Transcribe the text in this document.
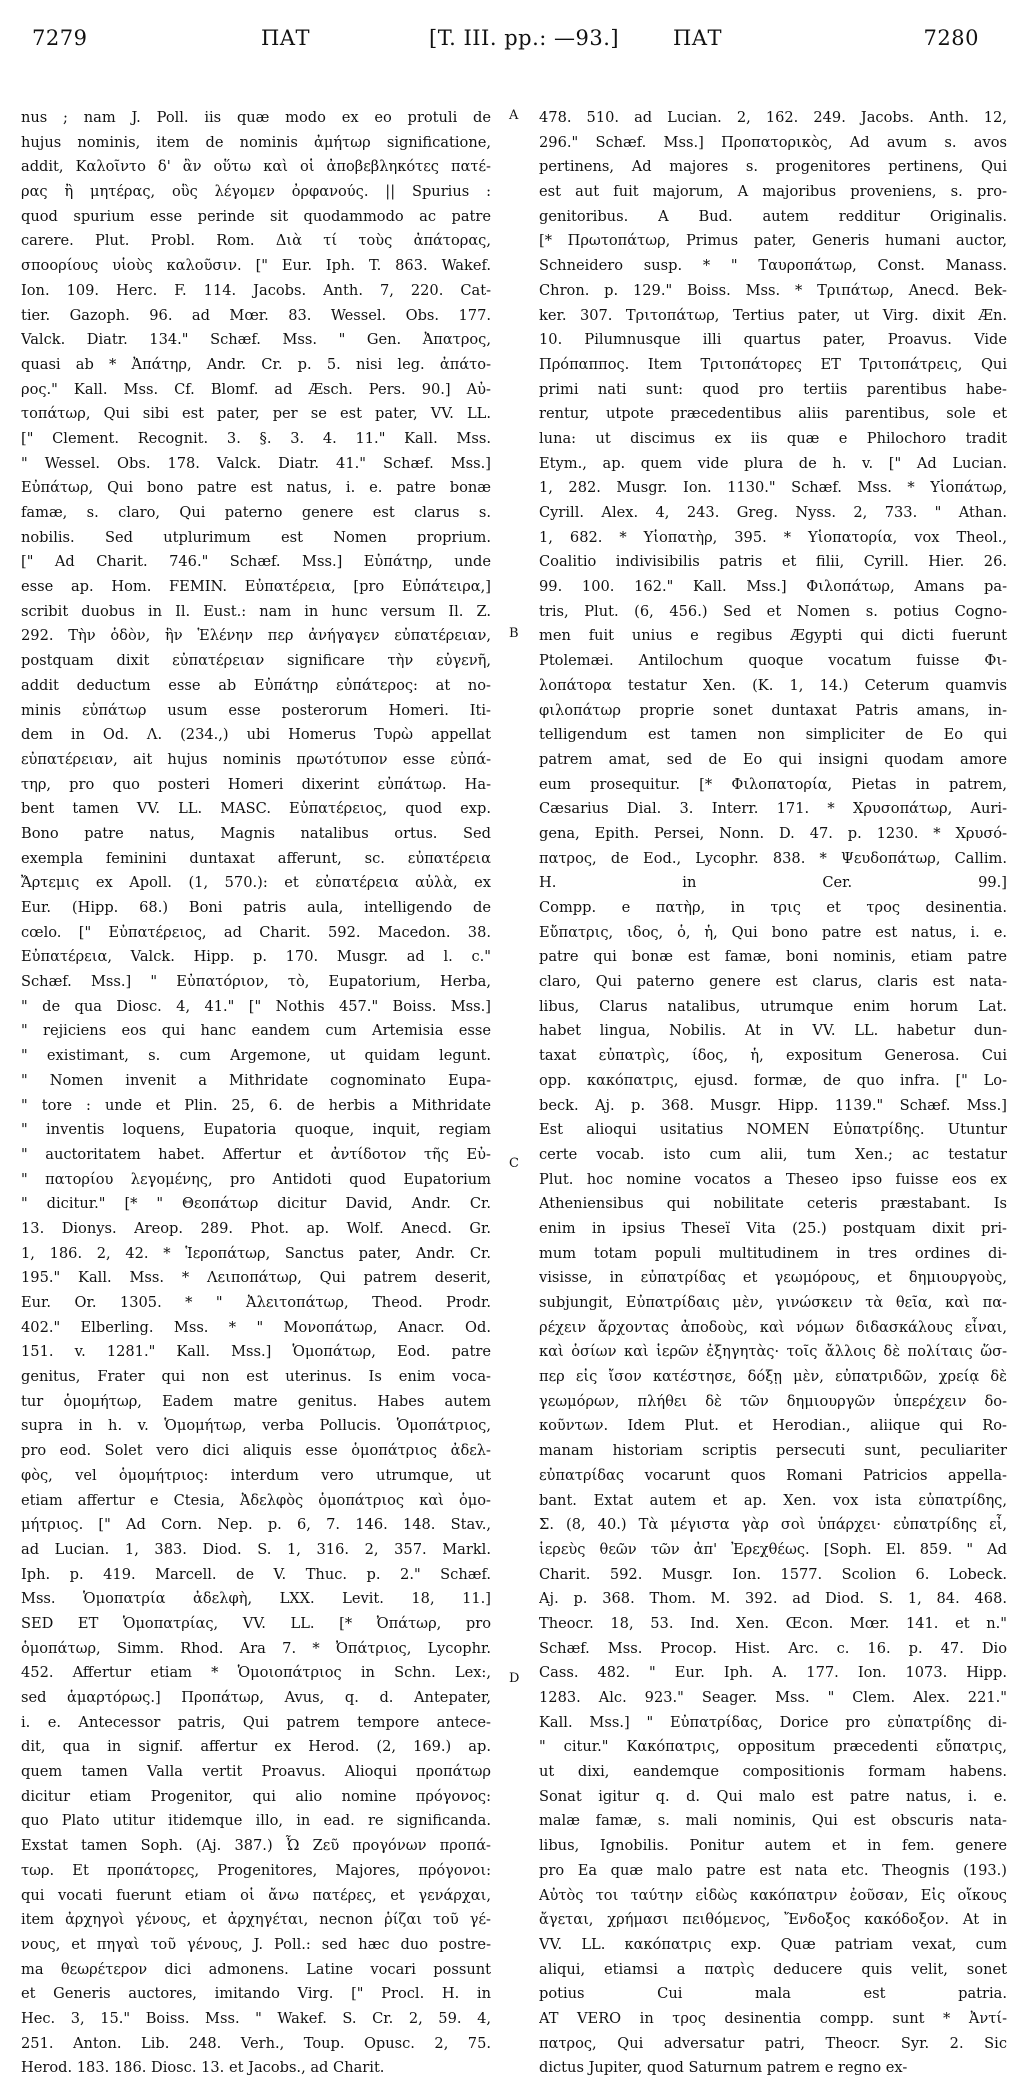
7279	ΠΑΤ	[T. III. pp.: —93.]	ΠΑΤ	7280
nus ; nam J. Poll. iis quæ modo ex eo protuli de
hujus nominis, item de nominis ἀμήτωρ significatione,
addit, Καλοῖντο δ' ἂν οὕτω καὶ οἱ ἀποβεβληκότες πατέ-
ρας ἢ μητέρας, οὓς λέγομεν ὀρφανούς. || Spurius :
quod spurium esse perinde sit quodammodo ac patre
carere. Plut. Probl. Rom. Διὰ τί τοὺς ἀπάτορας,
σποορίους υἱοὺς καλοῦσιν. [" Eur. Iph. T. 863. Wakef.
Ion. 109. Herc. F. 114. Jacobs. Anth. 7, 220. Cat-
tier. Gazoph. 96. ad Mœr. 83. Wessel. Obs. 177.
Valck. Diatr. 134." Schæf. Mss. " Gen. Ἀπατρος,
quasi ab * Ἀπάτηρ, Andr. Cr. p. 5. nisi leg. ἀπάτο-
ρος." Kall. Mss. Cf. Blomf. ad Æsch. Pers. 90.] Αὐ-
τοπάτωρ, Qui sibi est pater, per se est pater, VV. LL.
[" Clement. Recognit. 3. §. 3. 4. 11." Kall. Mss.
" Wessel. Obs. 178. Valck. Diatr. 41." Schæf. Mss.]
Εὐπάτωρ, Qui bono patre est natus, i. e. patre bonæ
famæ, s. claro, Qui paterno genere est clarus s.
nobilis. Sed utplurimum est Nomen proprium.
[" Ad Charit. 746." Schæf. Mss.] Εὐπάτηρ, unde
esse ap. Hom. FEMIN. Εὐπατέρεια, [pro Εὐπάτειρα,]
scribit duobus in Il. Eust.: nam in hunc versum Il. Z.
292. Τὴν ὁδὸν, ἣν Ἑλένην περ ἀνήγαγεν εὐπατέρειαν,
postquam dixit εὐπατέρειαν significare τὴν εὐγενῆ,
addit deductum esse ab Εὐπάτηρ εὐπάτερος: at no-
minis εὐπάτωρ usum esse posterorum Homeri. Iti-
dem in Od. Λ. (234.,) ubi Homerus Τυρὼ appellat
εὐπατέρειαν, ait hujus nominis πρωτότυπον esse εὐπά-
τηρ, pro quo posteri Homeri dixerint εὐπάτωρ. Ha-
bent tamen VV. LL. MASC. Εὐπατέρειος, quod exp.
Bono patre natus, Magnis natalibus ortus. Sed
exempla feminini duntaxat afferunt, sc. εὐπατέρεια
Ἄρτεμις ex Apoll. (1, 570.): et εὐπατέρεια αὐλὰ, ex
Eur. (Hipp. 68.) Boni patris aula, intelligendo de
cœlo. [" Εὐπατέρειος, ad Charit. 592. Macedon. 38.
Εὐπατέρεια, Valck. Hipp. p. 170. Musgr. ad l. c."
Schæf. Mss.] " Εὐπατόριον, τὸ, Eupatorium, Herba,
" de qua Diosc. 4, 41." [" Nothis 457." Boiss. Mss.]
" rejiciens eos qui hanc eandem cum Artemisia esse
" existimant, s. cum Argemone, ut quidam legunt.
" Nomen invenit a Mithridate cognominato Eupa-
" tore : unde et Plin. 25, 6. de herbis a Mithridate
" inventis loquens, Eupatoria quoque, inquit, regiam
" auctoritatem habet. Affertur et ἀντίδοτον τῆς Εὐ-
" πατορίου λεγομένης, pro Antidoti quod Eupatorium
" dicitur." [* " Θεοπάτωρ dicitur David, Andr. Cr.
13. Dionys. Areop. 289. Phot. ap. Wolf. Anecd. Gr.
1, 186. 2, 42. * Ἱεροπάτωρ, Sanctus pater, Andr. Cr.
195." Kall. Mss. * Λειποπάτωρ, Qui patrem deserit,
Eur. Or. 1305. * " Ἀλειτοπάτωρ, Theod. Prodr.
402." Elberling. Mss. * " Μονοπάτωρ, Anacr. Od.
151. v. 1281." Kall. Mss.] Ὁμοπάτωρ, Eod. patre
genitus, Frater qui non est uterinus. Is enim voca-
tur ὁμομήτωρ, Eadem matre genitus. Habes autem
supra in h. v. Ὁμομήτωρ, verba Pollucis. Ὁμοπάτριος,
pro eod. Solet vero dici aliquis esse ὁμοπάτριος ἀδελ-
φὸς, vel ὁμομήτριος: interdum vero utrumque, ut
etiam affertur e Ctesia, Ἀδελφὸς ὁμοπάτριος καὶ ὁμο-
μήτριος. [" Ad Corn. Nep. p. 6, 7. 146. 148. Stav.,
ad Lucian. 1, 383. Diod. S. 1, 316. 2, 357. Markl.
Iph. p. 419. Marcell. de V. Thuc. p. 2." Schæf.
Mss. Ὁμοπατρία ἀδελφὴ, LXX. Levit. 18, 11.]
SED ET Ὁμοπατρίας, VV. LL. [* Ὀπάτωρ, pro
ὁμοπάτωρ, Simm. Rhod. Ara 7. * Ὀπάτριος, Lycophr.
452. Affertur etiam * Ὁμοιοπάτριος in Schn. Lex:,
sed ἁμαρτόρως.] Προπάτωρ, Avus, q. d. Antepater,
i. e. Antecessor patris, Qui patrem tempore antece-
dit, qua in signif. affertur ex Herod. (2, 169.) ap.
quem tamen Valla vertit Proavus. Alioqui προπάτωρ
dicitur etiam Progenitor, qui alio nomine πρόγονος:
quo Plato utitur itidemque illo, in ead. re significanda.
Exstat tamen Soph. (Aj. 387.) Ὦ Ζεῦ προγόνων προπά-
τωρ. Et προπάτορες, Progenitores, Majores, πρόγονοι:
qui vocati fuerunt etiam οἱ ἄνω πατέρες, et γενάρχαι,
item ἀρχηγοὶ γένους, et ἀρχηγέται, necnon ῥίζαι τοῦ γέ-
νους, et πηγαὶ τοῦ γένους, J. Poll.: sed hæc duo postre-
ma θεωρέτερον dici admonens. Latine vocari possunt
et Generis auctores, imitando Virg. [" Procl. H. in
Hec. 3, 15." Boiss. Mss. " Wakef. S. Cr. 2, 59. 4,
251. Anton. Lib. 248. Verh., Toup. Opusc. 2, 75.
Herod. 183. 186. Diosc. 13. et Jacobs., ad Charit.
A
B
C
D
478. 510. ad Lucian. 2, 162. 249. Jacobs. Anth. 12,
296." Schæf. Mss.] Προπατορικὸς, Ad avum s. avos
pertinens, Ad majores s. progenitores pertinens, Qui
est aut fuit majorum, A majoribus proveniens, s. pro-
genitoribus. A Bud. autem redditur Originalis.
[* Πρωτοπάτωρ, Primus pater, Generis humani auctor,
Schneidero susp. * " Ταυροπάτωρ, Const. Manass.
Chron. p. 129." Boiss. Mss. * Τριπάτωρ, Anecd. Bek-
ker. 307. Τριτοπάτωρ, Tertius pater, ut Virg. dixit Æn.
10. Pilumnusque illi quartus pater, Proavus. Vide
Πρόπαππος. Item Τριτοπάτορες ET Τριτοπάτρεις, Qui
primi nati sunt: quod pro tertiis parentibus habe-
rentur, utpote præcedentibus aliis parentibus, sole et
luna: ut discimus ex iis quæ e Philochoro tradit
Etym., ap. quem vide plura de h. v. [" Ad Lucian.
1, 282. Musgr. Ion. 1130." Schæf. Mss. * Υἱοπάτωρ,
Cyrill. Alex. 4, 243. Greg. Nyss. 2, 733. " Athan.
1, 682. * Υἱοπατὴρ, 395. * Υἱοπατορία, vox Theol.,
Coalitio indivisibilis patris et filii, Cyrill. Hier. 26.
99. 100. 162." Kall. Mss.] Φιλοπάτωρ, Amans pa-
tris, Plut. (6, 456.) Sed et Nomen s. potius Cogno-
men fuit unius e regibus Ægypti qui dicti fuerunt
Ptolemæi. Antilochum quoque vocatum fuisse Φι-
λοπάτορα testatur Xen. (K. 1, 14.) Ceterum quamvis
φιλοπάτωρ proprie sonet duntaxat Patris amans, in-
telligendum est tamen non simpliciter de Eo qui
patrem amat, sed de Eo qui insigni quodam amore
eum prosequitur. [* Φιλοπατορία, Pietas in patrem,
Cæsarius Dial. 3. Interr. 171. * Χρυσοπάτωρ, Auri-
gena, Epith. Persei, Nonn. D. 47. p. 1230. * Χρυσό-
πατρος, de Eod., Lycophr. 838. * Ψευδοπάτωρ, Callim.
H. in Cer. 99.]
Compp. e πατὴρ, in τρις et τρος desinentia.
Εὔπατρις, ιδος, ὁ, ἡ, Qui bono patre est natus, i. e.
patre qui bonæ est famæ, boni nominis, etiam patre
claro, Qui paterno genere est clarus, claris est nata-
libus, Clarus natalibus, utrumque enim horum Lat.
habet lingua, Nobilis. At in VV. LL. habetur dun-
taxat εὐπατρὶς, ίδος, ἡ, expositum Generosa. Cui
opp. κακόπατρις, ejusd. formæ, de quo infra. [" Lo-
beck. Aj. p. 368. Musgr. Hipp. 1139." Schæf. Mss.]
Est alioqui usitatius NOMEN Εὐπατρίδης. Utuntur
certe vocab. isto cum alii, tum Xen.; ac testatur
Plut. hoc nomine vocatos a Theseo ipso fuisse eos ex
Atheniensibus qui nobilitate ceteris præstabant. Is
enim in ipsius Theseï Vita (25.) postquam dixit pri-
mum totam populi multitudinem in tres ordines di-
visisse, in εὐπατρίδας et γεωμόρους, et δημιουργοὺς,
subjungit, Εὐπατρίδαις μὲν, γινώσκειν τὰ θεῖα, καὶ πα-
ρέχειν ἄρχοντας ἀποδοὺς, καὶ νόμων διδασκάλους εἶναι,
καὶ ὁσίων καὶ ἱερῶν ἐξηγητὰς· τοῖς ἄλλοις δὲ πολίταις ὥσ-
περ εἰς ἴσον κατέστησε, δόξῃ μὲν, εὐπατριδῶν, χρείᾳ δὲ
γεωμόρων, πλήθει δὲ τῶν δημιουργῶν ὑπερέχειν δο-
κοῦντων. Idem Plut. et Herodian., aliique qui Ro-
manam historiam scriptis persecuti sunt, peculiariter
εὐπατρίδας vocarunt quos Romani Patricios appella-
bant. Extat autem et ap. Xen. vox ista εὐπατρίδης,
Σ. (8, 40.) Τὰ μέγιστα γὰρ σοὶ ὑπάρχει· εὐπατρίδης εἶ,
ἱερεὺς θεῶν τῶν ἀπ' Ἐρεχθέως. [Soph. El. 859. " Ad
Charit. 592. Musgr. Ion. 1577. Scolion 6. Lobeck.
Aj. p. 368. Thom. M. 392. ad Diod. S. 1, 84. 468.
Theocr. 18, 53. Ind. Xen. Œcon. Mœr. 141. et n."
Schæf. Mss. Procop. Hist. Arc. c. 16. p. 47. Dio
Cass. 482. " Eur. Iph. A. 177. Ion. 1073. Hipp.
1283. Alc. 923." Seager. Mss. " Clem. Alex. 221."
Kall. Mss.] " Εὐπατρίδας, Dorice pro εὐπατρίδης di-
" citur." Κακόπατρις, oppositum præcedenti εὔπατρις,
ut dixi, eandemque compositionis formam habens.
Sonat igitur q. d. Qui malo est patre natus, i. e.
malæ famæ, s. mali nominis, Qui est obscuris nata-
libus, Ignobilis. Ponitur autem et in fem. genere
pro Ea quæ malo patre est nata etc. Theognis (193.)
Αὐτὸς τοι ταύτην εἰδὼς κακόπατριν ἐοῦσαν, Εἰς οἴκους
ἄγεται, χρήμασι πειθόμενος, Ἔνδοξος κακόδοξον. At in
VV. LL. κακόπατρις exp. Quæ patriam vexat, cum
aliqui, etiamsi a πατρὶς deducere quis velit, sonet
potius Cui mala est patria.
AT VERO in τρος desinentia compp. sunt * Ἀντί-
πατρος, Qui adversatur patri, Theocr. Syr. 2. Sic
dictus Jupiter, quod Saturnum patrem e regno ex-
